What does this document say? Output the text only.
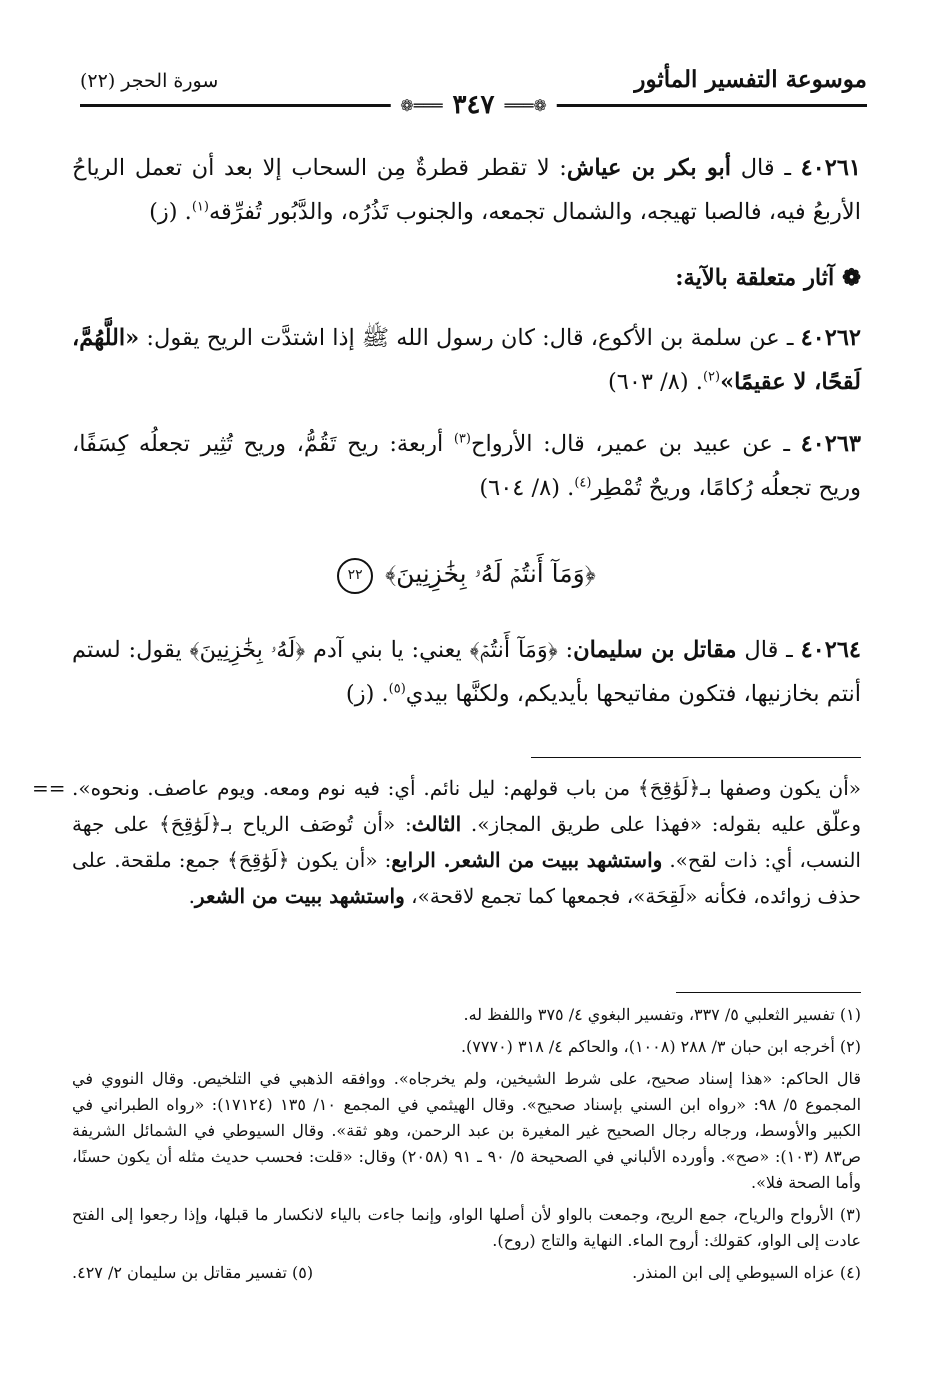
موسوعة التفسير المأثور
سورة الحجر (٢٢)
❁═══ ٣٤٧ ═══❁

٤٠٢٦١ ـ قال أبو بكر بن عياش: لا تقطر قطرةٌ مِن السحاب إلا بعد أن تعمل الرياحُ الأربعُ فيه، فالصبا تهيجه، والشمال تجمعه، والجنوب تَذُرُه، والدَّبُور تُفرِّقه$^{(١)}$. (ز)

❁ آثار متعلقة بالآية:

٤٠٢٦٢ ـ عن سلمة بن الأكوع، قال: كان رسول الله ﷺ إذا اشتدَّت الريح يقول: «اللَّهُمَّ، لَقحًا، لا عقيمًا»$^{(٢)}$. (٨/ ٦٠٣)

٤٠٢٦٣ ـ عن عبيد بن عمير، قال: الأرواح$^{(٣)}$ أربعة: ريح تَقُمُّ، وريح تُثِير تجعلُه كِسَفًا، وريح تجعلُه رُكامًا، وريحٌ تُمْطِر$^{(٤)}$. (٨/ ٦٠٤)

﴿وَمَآ أَنتُمۡ لَهُۥ بِخَٰزِنِينَ﴾ ٢٢

٤٠٢٦٤ ـ قال مقاتل بن سليمان: ﴿وَمَآ أَنتُمۡ﴾ يعني: يا بني آدم ﴿لَهُۥ بِخَٰزِنِينَ﴾ يقول: لستم أنتم بخازنيها، فتكون مفاتيحها بأيديكم، ولكنَّها بيدي$^{(٥)}$. (ز)

== «أن يكون وصفها بـ﴿لَوَٰقِحَ﴾ من باب قولهم: ليل نائم. أي: فيه نوم ومعه. ويوم عاصف. ونحوه». وعلّق عليه بقوله: «فهذا على طريق المجاز». الثالث: «أن تُوصَف الرياح بـ﴿لَوَٰقِحَ﴾ على جهة النسب، أي: ذات لقح». واستشهد ببيت من الشعر. الرابع: «أن يكون ﴿لَوَٰقِحَ﴾ جمع: ملقحة. على حذف زوائده، فكأنه «لَقِحَة»، فجمعها كما تجمع لاقحة»، واستشهد ببيت من الشعر.
(١) تفسير الثعلبي ٥/ ٣٣٧، وتفسير البغوي ٤/ ٣٧٥ واللفظ له.
(٢) أخرجه ابن حبان ٣/ ٢٨٨ (١٠٠٨)، والحاكم ٤/ ٣١٨ (٧٧٧٠).
قال الحاكم: «هذا إسناد صحيح، على شرط الشيخين، ولم يخرجاه». ووافقه الذهبي في التلخيص. وقال النووي في المجموع ٥/ ٩٨: «رواه ابن السني بإسناد صحيح». وقال الهيثمي في المجمع ١٠/ ١٣٥ (١٧١٢٤): «رواه الطبراني في الكبير والأوسط، ورجاله رجال الصحيح غير المغيرة بن عبد الرحمن، وهو ثقة». وقال السيوطي في الشمائل الشريفة ص٨٣ (١٠٣): «صح». وأورده الألباني في الصحيحة ٥/ ٩٠ ـ ٩١ (٢٠٥٨) وقال: «قلت: فحسب حديث مثله أن يكون حسنًا، وأما الصحة فلا».
(٣) الأرواح والرياح، جمع الريح، وجمعت بالواو لأن أصلها الواو، وإنما جاءت بالياء لانكسار ما قبلها، وإذا رجعوا إلى الفتح عادت إلى الواو، كقولك: أروح الماء. النهاية والتاج (روح).
(٤) عزاه السيوطي إلى ابن المنذر.
(٥) تفسير مقاتل بن سليمان ٢/ ٤٢٧.
